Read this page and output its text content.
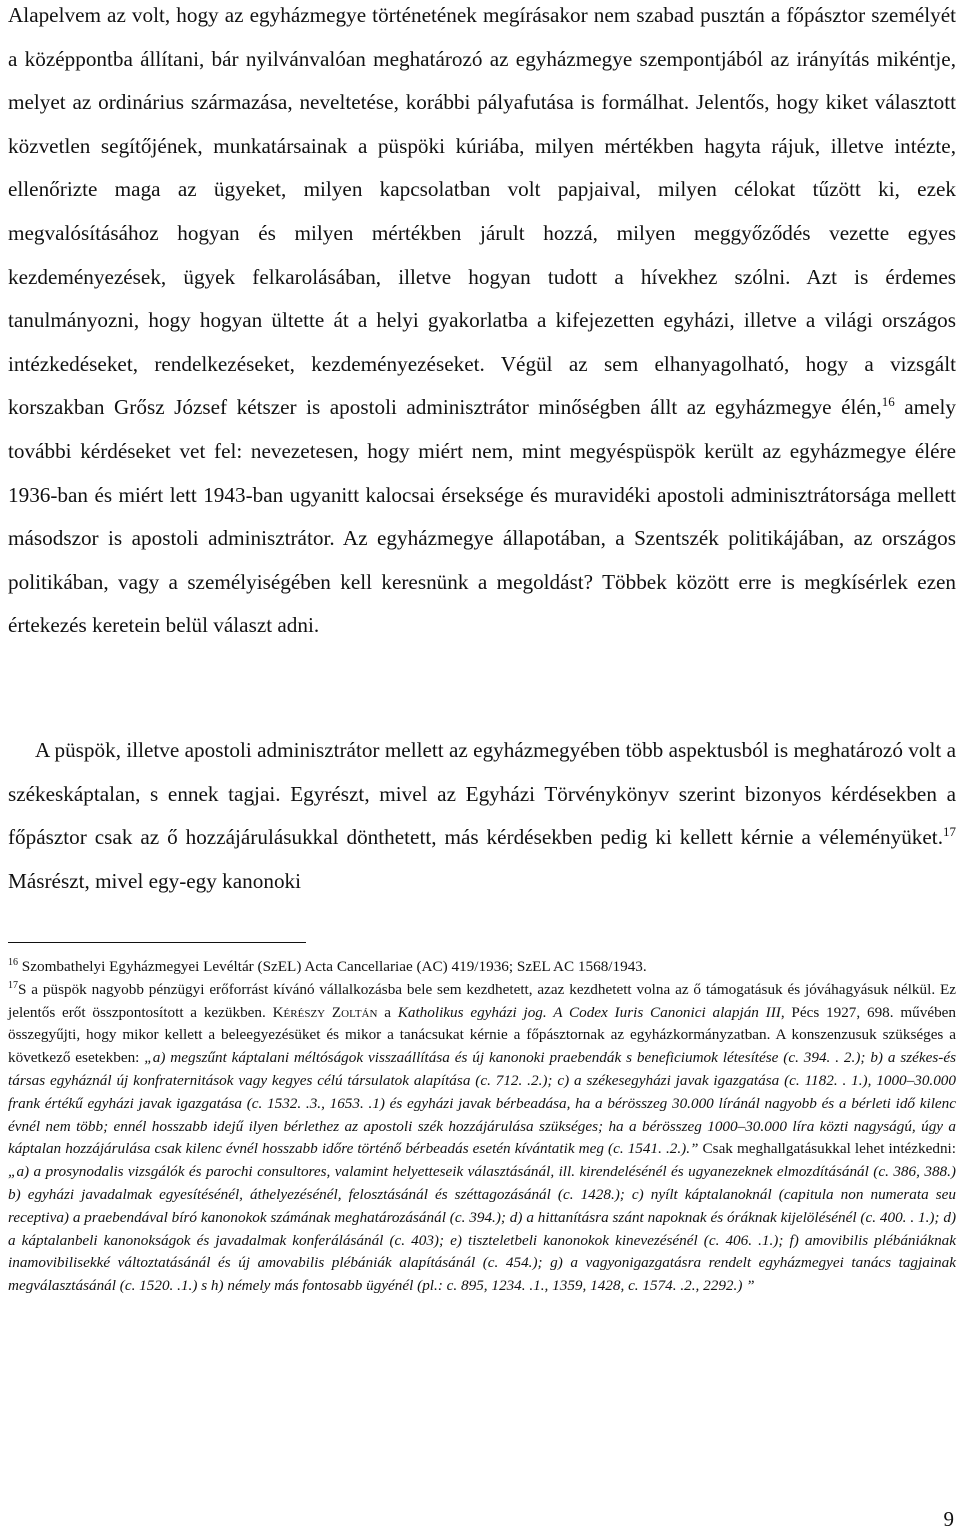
Alapelvem az volt, hogy az egyházmegye történetének megírásakor nem szabad pusztán a főpásztor személyét a középpontba állítani, bár nyilvánvalóan meghatározó az egyházmegye szempontjából az irányítás mikéntje, melyet az ordinárius származása, neveltetése, korábbi pályafutása is formálhat. Jelentős, hogy kiket választott közvetlen segítőjének, munkatársainak a püspöki kúriába, milyen mértékben hagyta rájuk, illetve intézte, ellenőrizte maga az ügyeket, milyen kapcsolatban volt papjaival, milyen célokat tűzött ki, ezek megvalósításához hogyan és milyen mértékben járult hozzá, milyen meggyőződés vezette egyes kezdeményezések, ügyek felkarolásában, illetve hogyan tudott a hívekhez szólni. Azt is érdemes tanulmányozni, hogy hogyan ültette át a helyi gyakorlatba a kifejezetten egyházi, illetve a világi országos intézkedéseket, rendelkezéseket, kezdeményezéseket. Végül az sem elhanyagolható, hogy a vizsgált korszakban Grősz József kétszer is apostoli adminisztrátor minőségben állt az egyházmegye élén,$^{16}$ amely további kérdéseket vet fel: nevezetesen, hogy miért nem, mint megyéspüspök került az egyházmegye élére 1936-ban és miért lett 1943-ban ugyanitt kalocsai érseksége és muravidéki apostoli adminisztrátorsága mellett másodszor is apostoli adminisztrátor. Az egyházmegye állapotában, a Szentszék politikájában, az országos politikában, vagy a személyiségében kell keresnünk a megoldást? Többek között erre is megkísérlek ezen értekezés keretein belül választ adni.

A püspök, illetve apostoli adminisztrátor mellett az egyházmegyében több aspektusból is meghatározó volt a székeskáptalan, s ennek tagjai. Egyrészt, mivel az Egyházi Törvénykönyv szerint bizonyos kérdésekben a főpásztor csak az ő hozzájárulásukkal dönthetett, más kérdésekben pedig ki kellett kérnie a véleményüket.$^{17}$ Másrészt, mivel egy-egy kanonoki

$^{16}$ Szombathelyi Egyházmegyei Levéltár (SzEL) Acta Cancellariae (AC) 419/1936; SzEL AC 1568/1943.

$^{17}$S a püspök nagyobb pénzügyi erőforrást kívánó vállalkozásba bele sem kezdhetett, azaz kezdhetett volna az ő támogatásuk és jóváhagyásuk nélkül. Ez jelentős erőt összpontosított a kezükben. Kérészy Zoltán a Katholikus egyházi jog. A Codex Iuris Canonici alapján III, Pécs 1927, 698. művében összegyűjti, hogy mikor kellett a beleegyezésüket és mikor a tanácsukat kérnie a főpásztornak az egyházkormányzatban. A konszenzusuk szükséges a következő esetekben: „a) megszűnt káptalani méltóságok visszaállítása és új kanonoki praebendák s beneficiumok létesítése (c. 394. . 2.); b) a székes-és társas egyháznál új konfraternitások vagy kegyes célú társulatok alapítása (c. 712. .2.); c) a székesegyházi javak igazgatása (c. 1182. . 1.), 1000–30.000 frank értékű egyházi javak igazgatása (c. 1532. .3., 1653. .1) és egyházi javak bérbeadása, ha a bérösszeg 30.000 líránál nagyobb és a bérleti idő kilenc évnél nem több; ennél hosszabb idejű ilyen bérlethez az apostoli szék hozzájárulása szükséges; ha a bérösszeg 1000–30.000 líra közti nagyságú, úgy a káptalan hozzájárulása csak kilenc évnél hosszabb időre történő bérbeadás esetén kívántatik meg (c. 1541. .2.).” Csak meghallgatásukkal lehet intézkedni: „a) a prosynodalis vizsgálók és parochi consultores, valamint helyetteseik választásánál, ill. kirendelésénél és ugyanezeknek elmozdításánál (c. 386, 388.) b) egyházi javadalmak egyesítésénél, áthelyezésénél, felosztásánál és széttagozásánál (c. 1428.); c) nyílt káptalanoknál (capitula non numerata seu receptiva) a praebendával bíró kanonokok számának meghatározásánál (c. 394.); d) a hittanításra szánt napoknak és óráknak kijelölésénél (c. 400. . 1.); d) a káptalanbeli kanonokságok és javadalmak konferálásánál (c. 403); e) tiszteletbeli kanonokok kinevezésénél (c. 406. .1.); f) amovibilis plébániáknak inamovibilisekké változtatásánál és új amovabilis plébániák alapításánál (c. 454.); g) a vagyonigazgatásra rendelt egyházmegyei tanács tagjainak megválasztásánál (c. 1520. .1.) s h) némely más fontosabb ügyénél (pl.: c. 895, 1234. .1., 1359, 1428, c. 1574. .2., 2292.) ”

9
